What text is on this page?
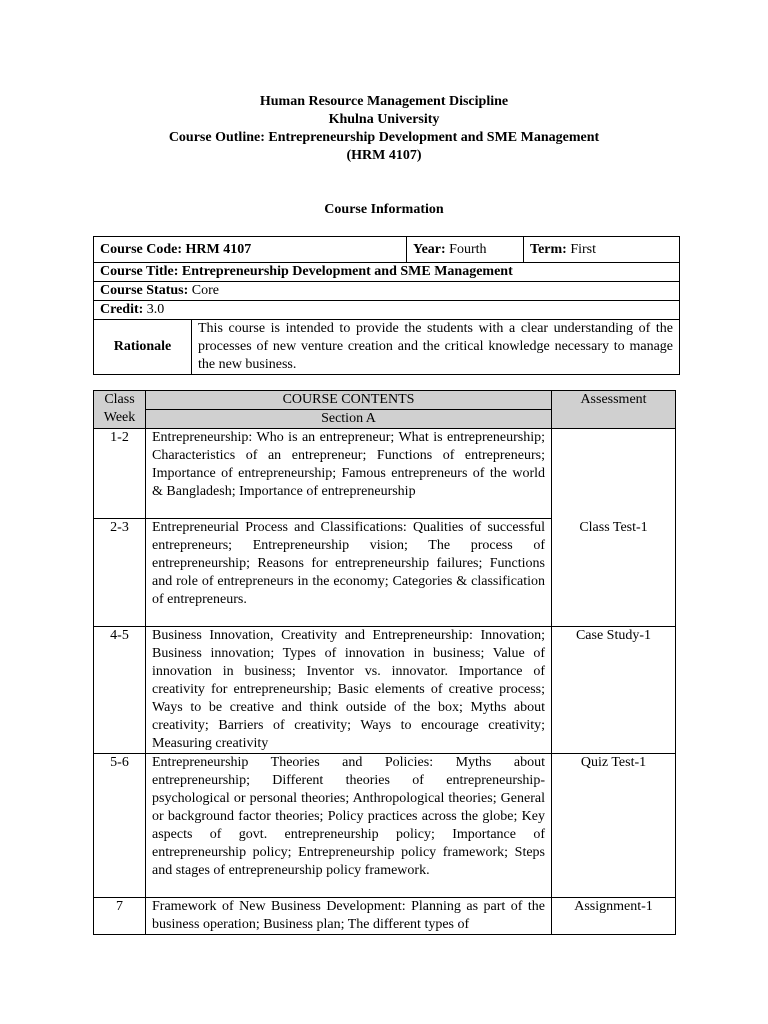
Human Resource Management Discipline
Khulna University
Course Outline: Entrepreneurship Development and SME Management
(HRM 4107)
Course Information
Course Code: HRM 4107		Year: Fourth	Term: First
Course Title: Entrepreneurship Development and SME Management			
Course Status: Core			
Credit: 3.0			
Rationale	This course is intended to provide the students with a clear understanding of the processes of new venture creation and the critical knowledge necessary to manage the new business.		
Class Week	COURSE CONTENTS	Assessment
	Section A	
1-2	Entrepreneurship: Who is an entrepreneur; What is entrepreneurship; Characteristics of an entrepreneur; Functions of entrepreneurs; Importance of entrepreneurship; Famous entrepreneurs of the world & Bangladesh; Importance of entrepreneurship	Class Test-1
2-3	Entrepreneurial Process and Classifications: Qualities of successful entrepreneurs; Entrepreneurship vision; The process of entrepreneurship; Reasons for entrepreneurship failures; Functions and role of entrepreneurs in the economy; Categories & classification of entrepreneurs.	
4-5	Business Innovation, Creativity and Entrepreneurship: Innovation; Business innovation; Types of innovation in business; Value of innovation in business; Inventor vs. innovator. Importance of creativity for entrepreneurship; Basic elements of creative process; Ways to be creative and think outside of the box; Myths about creativity; Barriers of creativity; Ways to encourage creativity; Measuring creativity	Case Study-1
5-6	Entrepreneurship Theories and Policies: Myths about entrepreneurship; Different theories of entrepreneurship- psychological or personal theories; Anthropological theories; General or background factor theories; Policy practices across the globe; Key aspects of govt. entrepreneurship policy; Importance of entrepreneurship policy; Entrepreneurship policy framework; Steps and stages of entrepreneurship policy framework.	Quiz Test-1
7	Framework of New Business Development: Planning as part of the business operation; Business plan; The different types of	Assignment-1
